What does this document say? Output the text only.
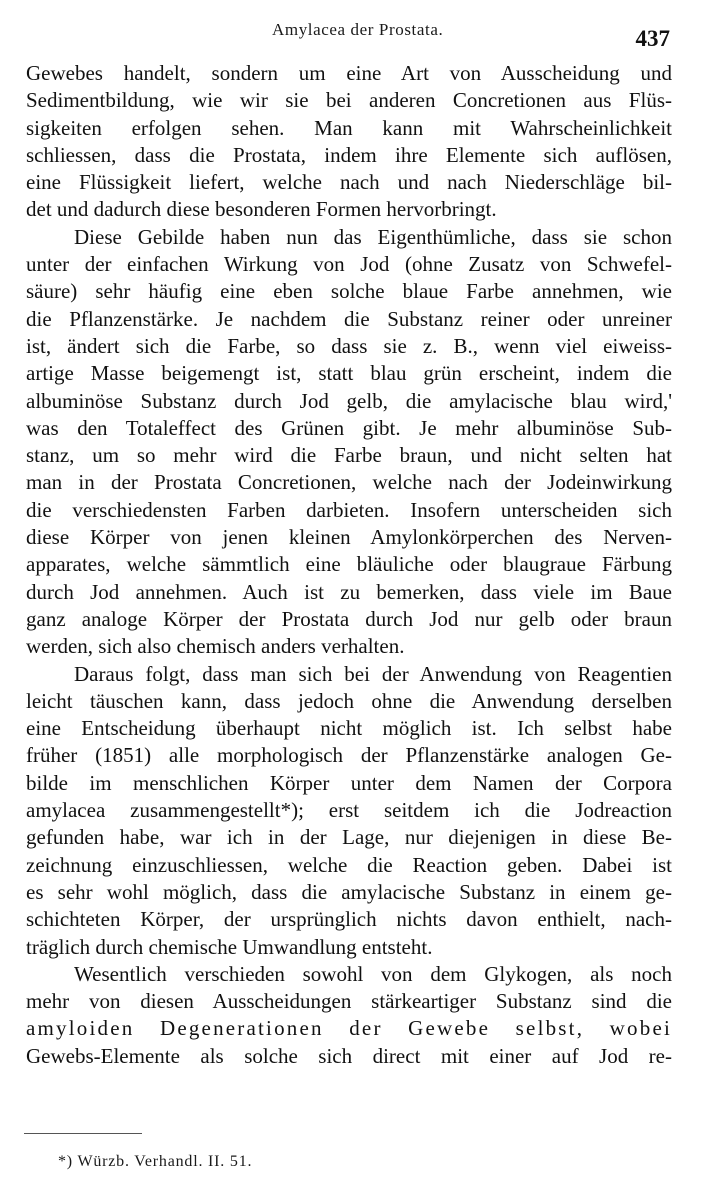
Amylacea der Prostata.	437
Gewebes handelt, sondern um eine Art von Ausscheidung und
Sedimentbildung, wie wir sie bei anderen Concretionen aus Flüs-
sigkeiten erfolgen sehen. Man kann mit Wahrscheinlichkeit
schliessen, dass die Prostata, indem ihre Elemente sich auflösen,
eine Flüssigkeit liefert, welche nach und nach Niederschläge bil-
det und dadurch diese besonderen Formen hervorbringt.
Diese Gebilde haben nun das Eigenthümliche, dass sie schon
unter der einfachen Wirkung von Jod (ohne Zusatz von Schwefel-
säure) sehr häufig eine eben solche blaue Farbe annehmen, wie
die Pflanzenstärke. Je nachdem die Substanz reiner oder unreiner
ist, ändert sich die Farbe, so dass sie z. B., wenn viel eiweiss-
artige Masse beigemengt ist, statt blau grün erscheint, indem die
albuminöse Substanz durch Jod gelb, die amylacische blau wird,'
was den Totaleffect des Grünen gibt. Je mehr albuminöse Sub-
stanz, um so mehr wird die Farbe braun, und nicht selten hat
man in der Prostata Concretionen, welche nach der Jodeinwirkung
die verschiedensten Farben darbieten. Insofern unterscheiden sich
diese Körper von jenen kleinen Amylonkörperchen des Nerven-
apparates, welche sämmtlich eine bläuliche oder blaugraue Färbung
durch Jod annehmen. Auch ist zu bemerken, dass viele im Baue
ganz analoge Körper der Prostata durch Jod nur gelb oder braun
werden, sich also chemisch anders verhalten.
Daraus folgt, dass man sich bei der Anwendung von Reagentien
leicht täuschen kann, dass jedoch ohne die Anwendung derselben
eine Entscheidung überhaupt nicht möglich ist. Ich selbst habe
früher (1851) alle morphologisch der Pflanzenstärke analogen Ge-
bilde im menschlichen Körper unter dem Namen der Corpora
amylacea zusammengestellt*); erst seitdem ich die Jodreaction
gefunden habe, war ich in der Lage, nur diejenigen in diese Be-
zeichnung einzuschliessen, welche die Reaction geben. Dabei ist
es sehr wohl möglich, dass die amylacische Substanz in einem ge-
schichteten Körper, der ursprünglich nichts davon enthielt, nach-
träglich durch chemische Umwandlung entsteht.
Wesentlich verschieden sowohl von dem Glykogen, als noch
mehr von diesen Ausscheidungen stärkeartiger Substanz sind die
amyloiden Degenerationen der Gewebe selbst, wobei
Gewebs-Elemente als solche sich direct mit einer auf Jod re-
*) Würzb. Verhandl. II. 51.
